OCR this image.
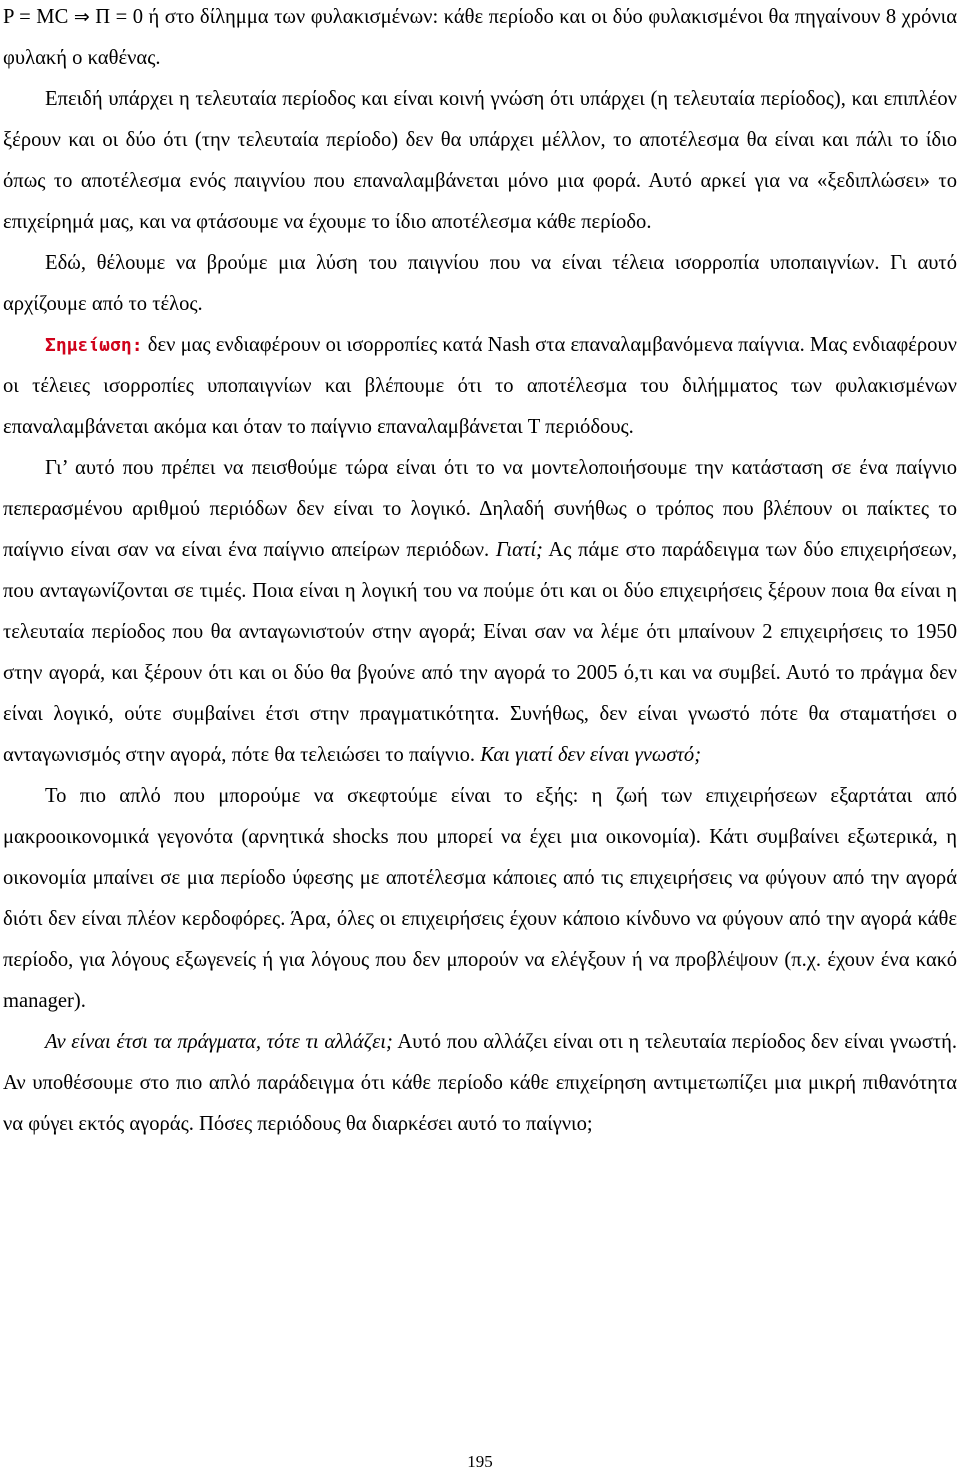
P = MC ⇒ Π = 0 ή στο δίλημμα των φυλακισμένων: κάθε περίοδο και οι δύο φυλακισμένοι θα πηγαίνουν 8 χρόνια φυλακή ο καθένας.

Επειδή υπάρχει η τελευταία περίοδος και είναι κοινή γνώση ότι υπάρχει (η τελευταία περίοδος), και επιπλέον ξέρουν και οι δύο ότι (την τελευταία περίοδο) δεν θα υπάρχει μέλλον, το αποτέλεσμα θα είναι και πάλι το ίδιο όπως το αποτέλεσμα ενός παιγνίου που επαναλαμβάνεται μόνο μια φορά. Αυτό αρκεί για να «ξεδιπλώσει» το επιχείρημά μας, και να φτάσουμε να έχουμε το ίδιο αποτέλεσμα κάθε περίοδο.

Εδώ, θέλουμε να βρούμε μια λύση του παιγνίου που να είναι τέλεια ισορροπία υποπαιγνίων. Γι αυτό αρχίζουμε από το τέλος.

Σημείωση: δεν μας ενδιαφέρουν οι ισορροπίες κατά Nash στα επαναλαμβανόμενα παίγνια. Μας ενδιαφέρουν οι τέλειες ισορροπίες υποπαιγνίων και βλέπουμε ότι το αποτέλεσμα του διλήμματος των φυλακισμένων επαναλαμβάνεται ακόμα και όταν το παίγνιο επαναλαμβάνεται T περιόδους.

Γι’ αυτό που πρέπει να πεισθούμε τώρα είναι ότι το να μοντελοποιήσουμε την κατάσταση σε ένα παίγνιο πεπερασμένου αριθμού περιόδων δεν είναι το λογικό. Δηλαδή συνήθως ο τρόπος που βλέπουν οι παίκτες το παίγνιο είναι σαν να είναι ένα παίγνιο απείρων περιόδων. Γιατί; Ας πάμε στο παράδειγμα των δύο επιχειρήσεων, που ανταγωνίζονται σε τιμές. Ποια είναι η λογική του να πούμε ότι και οι δύο επιχειρήσεις ξέρουν ποια θα είναι η τελευταία περίοδος που θα ανταγωνιστούν στην αγορά; Είναι σαν να λέμε ότι μπαίνουν 2 επιχειρήσεις το 1950 στην αγορά, και ξέρουν ότι και οι δύο θα βγούνε από την αγορά το 2005 ό,τι και να συμβεί. Αυτό το πράγμα δεν είναι λογικό, ούτε συμβαίνει έτσι στην πραγματικότητα. Συνήθως, δεν είναι γνωστό πότε θα σταματήσει ο ανταγωνισμός στην αγορά, πότε θα τελειώσει το παίγνιο. Και γιατί δεν είναι γνωστό;

Το πιο απλό που μπορούμε να σκεφτούμε είναι το εξής: η ζωή των επιχειρήσεων εξαρτάται από μακροοικονομικά γεγονότα (αρνητικά shocks που μπορεί να έχει μια οικονομία). Κάτι συμβαίνει εξωτερικά, η οικονομία μπαίνει σε μια περίοδο ύφεσης με αποτέλεσμα κάποιες από τις επιχειρήσεις να φύγουν από την αγορά διότι δεν είναι πλέον κερδοφόρες. Άρα, όλες οι επιχειρήσεις έχουν κάποιο κίνδυνο να φύγουν από την αγορά κάθε περίοδο, για λόγους εξωγενείς ή για λόγους που δεν μπορούν να ελέγξουν ή να προβλέψουν (π.χ. έχουν ένα κακό manager).

Αν είναι έτσι τα πράγματα, τότε τι αλλάζει; Αυτό που αλλάζει είναι οτι η τελευταία περίοδος δεν είναι γνωστή. Αν υποθέσουμε στο πιο απλό παράδειγμα ότι κάθε περίοδο κάθε επιχείρηση αντιμετωπίζει μια μικρή πιθανότητα να φύγει εκτός αγοράς. Πόσες περιόδους θα διαρκέσει αυτό το παίγνιο;

195
